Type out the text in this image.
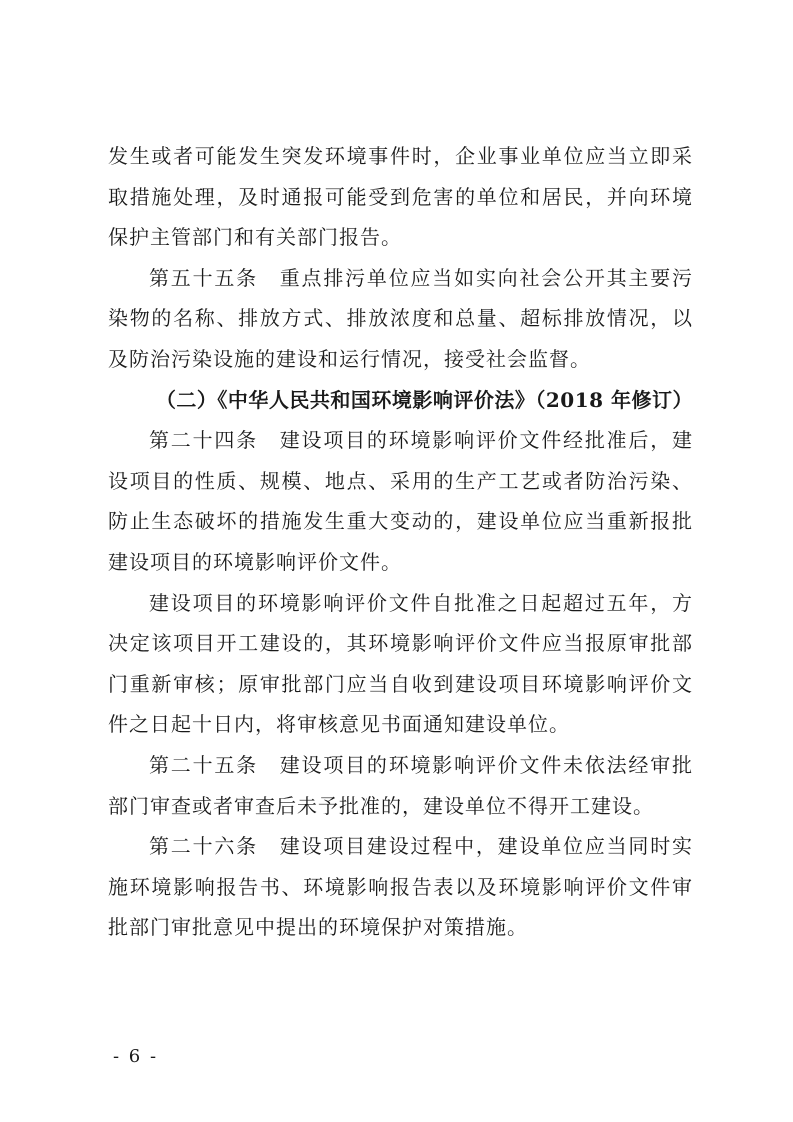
发生或者可能发生突发环境事件时，企业事业单位应当立即采取措施处理，及时通报可能受到危害的单位和居民，并向环境保护主管部门和有关部门报告。

第五十五条　重点排污单位应当如实向社会公开其主要污染物的名称、排放方式、排放浓度和总量、超标排放情况，以及防治污染设施的建设和运行情况，接受社会监督。

（二）《中华人民共和国环境影响评价法》（2018 年修订）

第二十四条　建设项目的环境影响评价文件经批准后，建设项目的性质、规模、地点、采用的生产工艺或者防治污染、防止生态破坏的措施发生重大变动的，建设单位应当重新报批建设项目的环境影响评价文件。

建设项目的环境影响评价文件自批准之日起超过五年，方决定该项目开工建设的，其环境影响评价文件应当报原审批部门重新审核；原审批部门应当自收到建设项目环境影响评价文件之日起十日内，将审核意见书面通知建设单位。

第二十五条　建设项目的环境影响评价文件未依法经审批部门审查或者审查后未予批准的，建设单位不得开工建设。

第二十六条　建设项目建设过程中，建设单位应当同时实施环境影响报告书、环境影响报告表以及环境影响评价文件审批部门审批意见中提出的环境保护对策措施。

- 6 -
